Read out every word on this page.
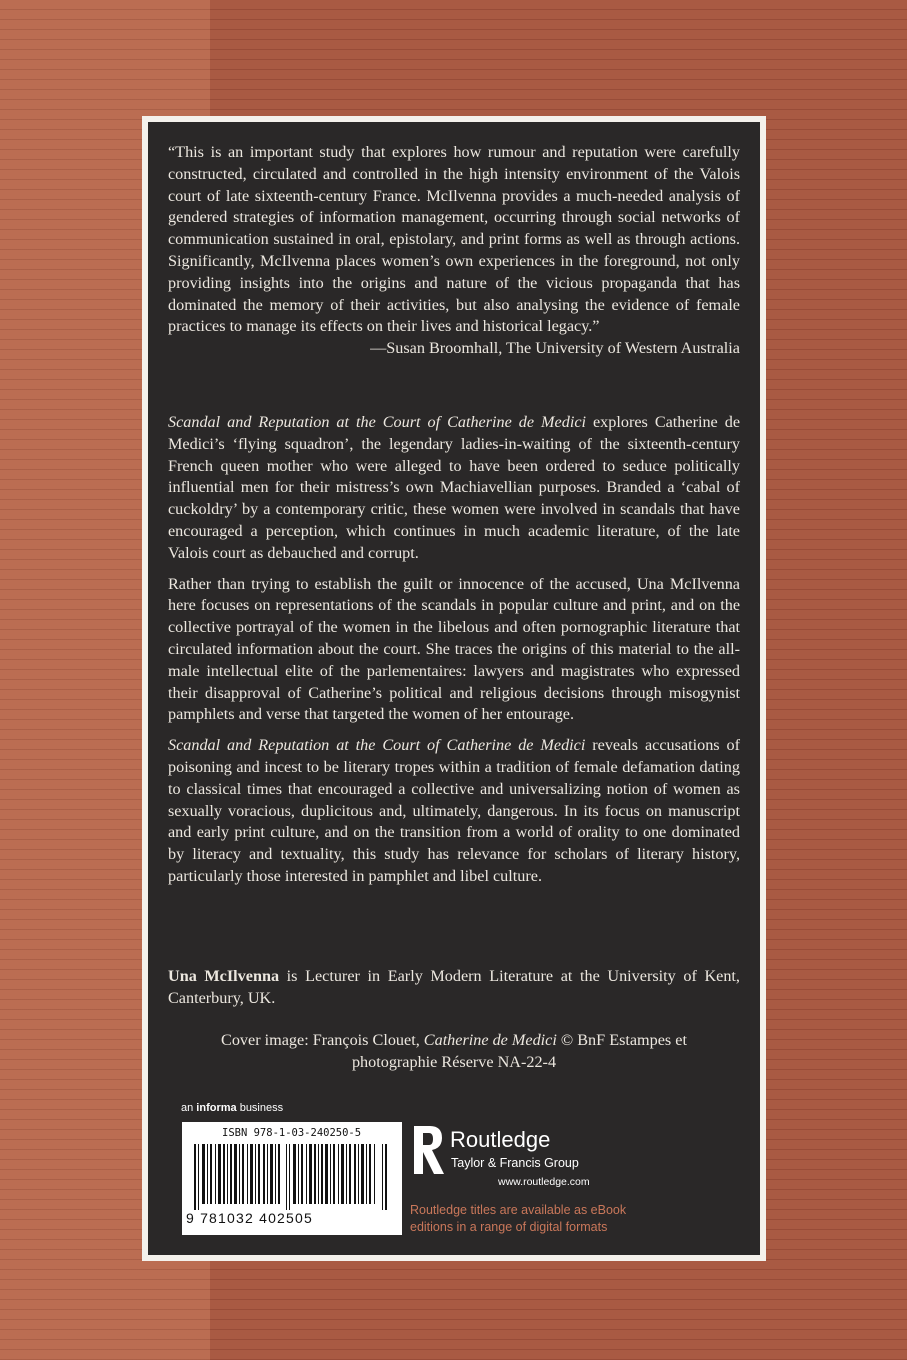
“This is an important study that explores how rumour and reputation were carefully constructed, circulated and controlled in the high intensity environment of the Valois court of late sixteenth-century France. McIlvenna provides a much-needed analysis of gendered strategies of information management, occurring through social networks of communication sustained in oral, epistolary, and print forms as well as through actions. Significantly, McIlvenna places women’s own experiences in the foreground, not only providing insights into the origins and nature of the vicious propaganda that has dominated the memory of their activities, but also analysing the evidence of female practices to manage its effects on their lives and historical legacy.”

—Susan Broomhall, The University of Western Australia

Scandal and Reputation at the Court of Catherine de Medici explores Catherine de Medici’s ‘flying squadron’, the legendary ladies-in-waiting of the sixteenth-century French queen mother who were alleged to have been ordered to seduce politically influential men for their mistress’s own Machiavellian purposes. Branded a ‘cabal of cuckoldry’ by a contemporary critic, these women were involved in scandals that have encouraged a perception, which continues in much academic literature, of the late Valois court as debauched and corrupt.

Rather than trying to establish the guilt or innocence of the accused, Una McIlvenna here focuses on representations of the scandals in popular culture and print, and on the collective portrayal of the women in the libelous and often pornographic literature that circulated information about the court. She traces the origins of this material to the all-male intellectual elite of the parlementaires: lawyers and magistrates who expressed their disapproval of Catherine’s political and religious decisions through misogynist pamphlets and verse that targeted the women of her entourage.

Scandal and Reputation at the Court of Catherine de Medici reveals accusations of poisoning and incest to be literary tropes within a tradition of female defamation dating to classical times that encouraged a collective and universalizing notion of women as sexually voracious, duplicitous and, ultimately, dangerous. In its focus on manuscript and early print culture, and on the transition from a world of orality to one dominated by literacy and textuality, this study has relevance for scholars of literary history, particularly those interested in pamphlet and libel culture.

Una McIlvenna is Lecturer in Early Modern Literature at the University of Kent, Canterbury, UK.

Cover image: François Clouet, Catherine de Medici © BnF Estampes et photographie Réserve NA-22-4
an informa business
ISBN 978-1-03-240250-5
9 781032 402505
Routledge
Taylor & Francis Group
www.routledge.com
Routledge titles are available as eBook editions in a range of digital formats
